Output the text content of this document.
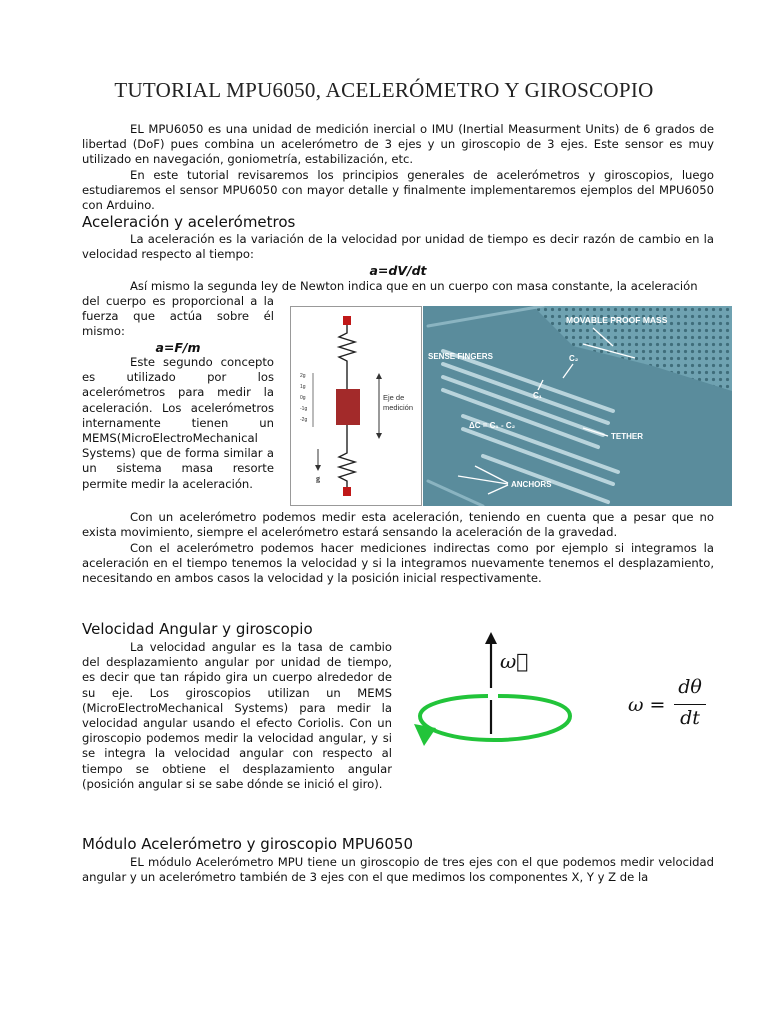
TUTORIAL MPU6050, ACELERÓMETRO Y GIROSCOPIO

EL MPU6050 es una unidad de medición inercial o IMU (Inertial Measurment Units) de 6 grados de libertad (DoF) pues combina un acelerómetro de 3 ejes y un giroscopio de 3 ejes. Este sensor es muy utilizado en navegación, goniometría, estabilización, etc.

En este tutorial revisaremos los principios generales de acelerómetros y giroscopios, luego estudiaremos el sensor MPU6050 con mayor detalle y finalmente implementaremos ejemplos del MPU6050 con Arduino.

Aceleración y acelerómetros

La aceleración es la variación de la velocidad por unidad de tiempo es decir razón de cambio en la velocidad respecto al tiempo:

a=dV/dt

Así mismo la segunda ley de Newton indica que en un cuerpo con masa constante, la aceleración

del cuerpo es proporcional a la fuerza que actúa sobre él mismo:

a=F/m

Este segundo concepto es utilizado por los acelerómetros para medir la aceleración. Los acelerómetros internamente tienen un MEMS(MicroElectroMechanical Systems) que de forma similar a un sistema masa resorte permite medir la aceleración.

Eje de
medición
2g
1g
0g
-1g
-2g
g
MOVABLE PROOF MASS
SENSE FINGERS	C₂
C₁
ΔC = C₁ - C₂
TETHER
ANCHORS

Con un acelerómetro podemos medir esta aceleración, teniendo en cuenta que a pesar que no exista movimiento, siempre el acelerómetro estará sensando la aceleración de la gravedad.

Con el acelerómetro podemos hacer mediciones indirectas como por ejemplo si integramos la aceleración en el tiempo tenemos la velocidad y si la integramos nuevamente tenemos el desplazamiento, necesitando en ambos casos la velocidad y la posición inicial respectivamente.

Velocidad Angular y giroscopio

La velocidad angular es la tasa de cambio del desplazamiento angular por unidad de tiempo, es decir que tan rápido gira un cuerpo alrededor de su eje. Los giroscopios utilizan un MEMS (MicroElectroMechanical Systems) para medir la velocidad angular usando el efecto Coriolis. Con un giroscopio podemos medir la velocidad angular, y si se integra la velocidad angular con respecto al tiempo se obtiene el desplazamiento angular (posición angular si se sabe dónde se inició el giro).

ω⃗
ω =
dθ
dt
Módulo Acelerómetro y giroscopio MPU6050

EL módulo Acelerómetro MPU tiene un giroscopio de tres ejes con el que podemos medir velocidad angular y un acelerómetro también de 3 ejes con el que medimos los componentes X, Y y Z de la
